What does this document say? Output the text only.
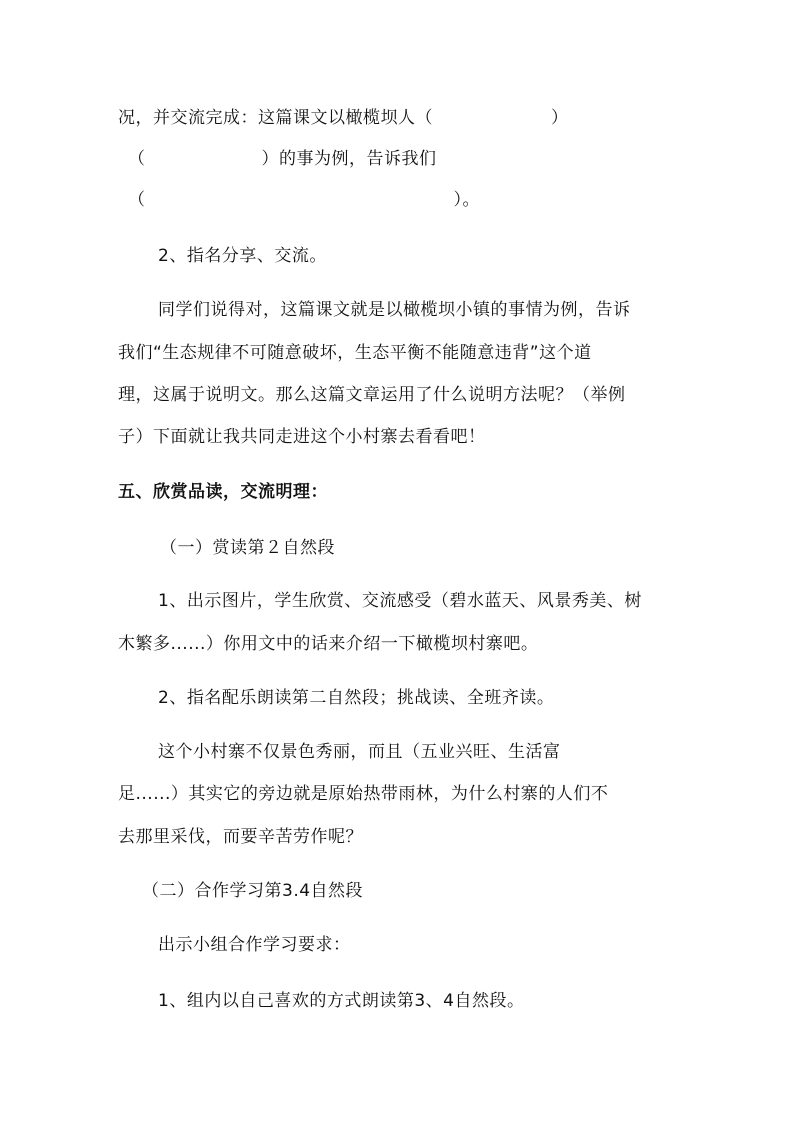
况，并交流完成：这篇课文以橄榄坝人（	）
（	）的事为例，告诉我们
（	）。
2、指名分享、交流。
同学们说得对，这篇课文就是以橄榄坝小镇的事情为例，告诉
我们“生态规律不可随意破坏，生态平衡不能随意违背”这个道
理，这属于说明文。那么这篇文章运用了什么说明方法呢？（举例
子）下面就让我共同走进这个小村寨去看看吧！
五、欣赏品读，交流明理：
（一）赏读第２自然段
1、出示图片，学生欣赏、交流感受（碧水蓝天、风景秀美、树
木繁多......）你用文中的话来介绍一下橄榄坝村寨吧。
2、指名配乐朗读第二自然段；挑战读、全班齐读。
这个小村寨不仅景色秀丽，而且（五业兴旺、生活富
足......）其实它的旁边就是原始热带雨林，为什么村寨的人们不
去那里采伐，而要辛苦劳作呢？
（二）合作学习第3.4自然段
出示小组合作学习要求：
1、组内以自己喜欢的方式朗读第3、4自然段。
